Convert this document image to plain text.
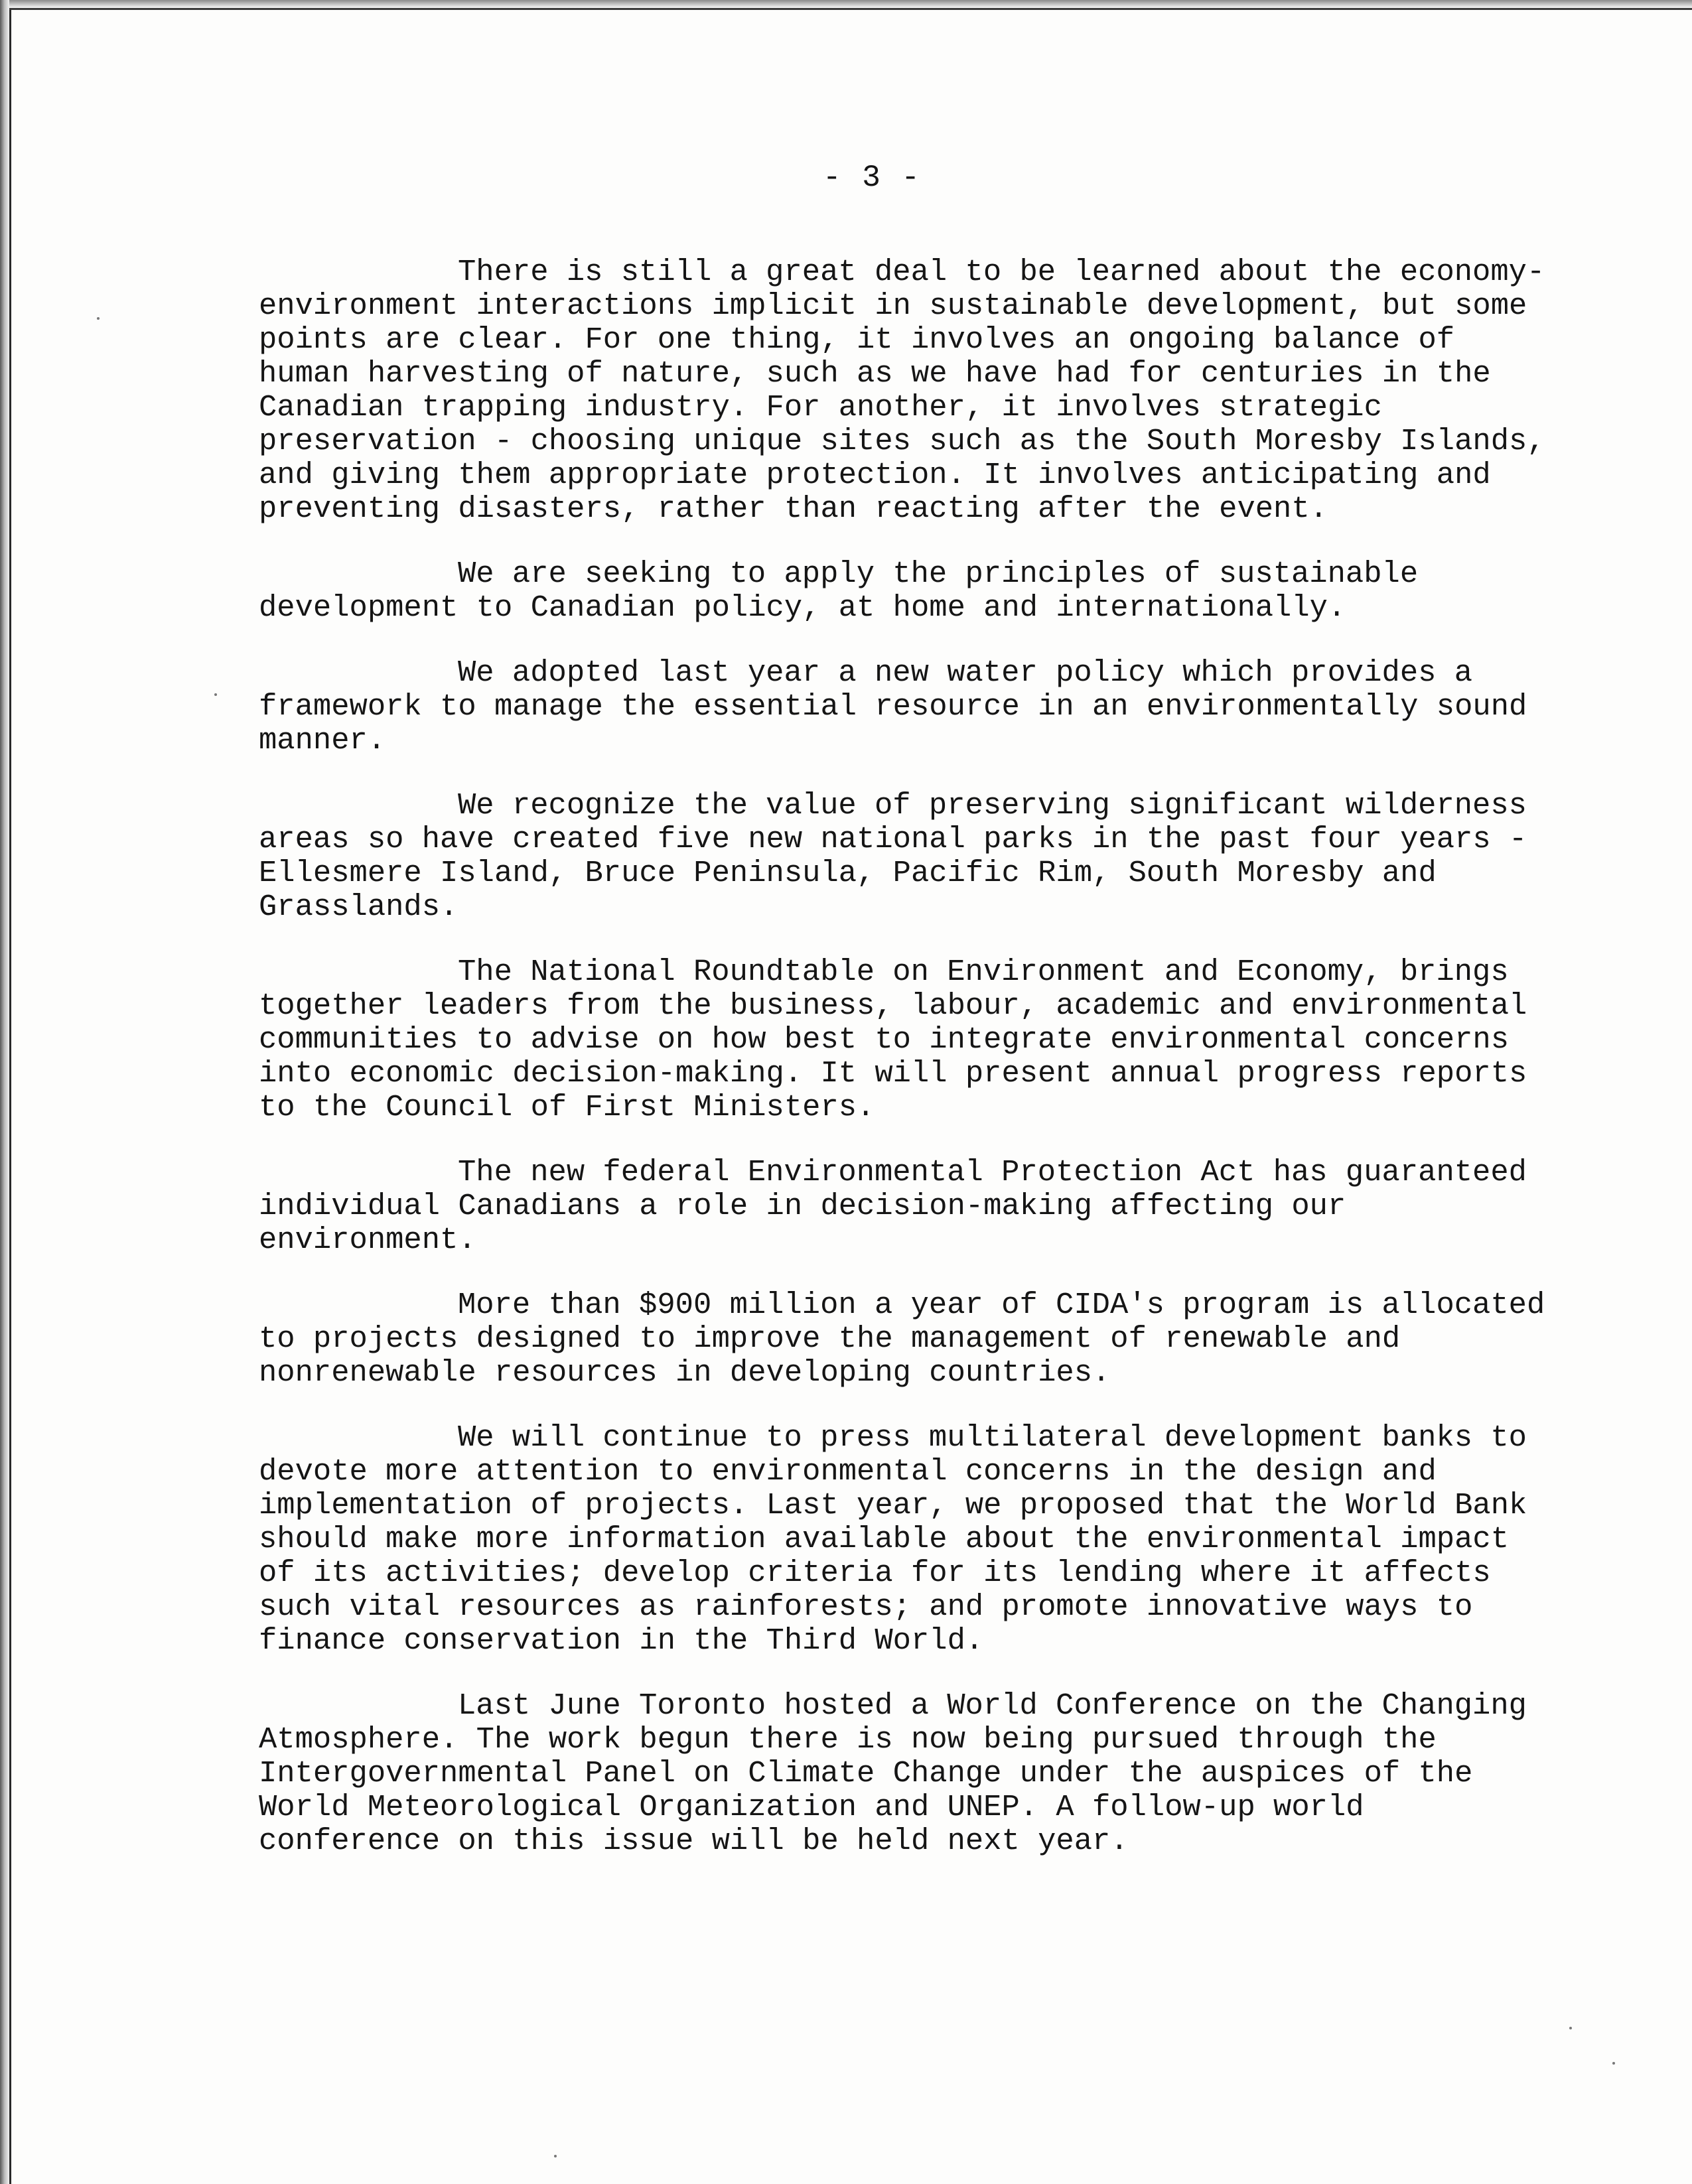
- 3 -

There is still a great deal to be learned about the economy-environment interactions implicit in sustainable development, but some points are clear. For one thing, it involves an ongoing balance of human harvesting of nature, such as we have had for centuries in the Canadian trapping industry. For another, it involves strategic preservation - choosing unique sites such as the South Moresby Islands, and giving them appropriate protection. It involves anticipating and preventing disasters, rather than reacting after the event.

We are seeking to apply the principles of sustainable development to Canadian policy, at home and internationally.

We adopted last year a new water policy which provides a framework to manage the essential resource in an environmentally sound manner.

We recognize the value of preserving significant wilderness areas so have created five new national parks in the past four years - Ellesmere Island, Bruce Peninsula, Pacific Rim, South Moresby and Grasslands.

The National Roundtable on Environment and Economy, brings together leaders from the business, labour, academic and environmental communities to advise on how best to integrate environmental concerns into economic decision-making. It will present annual progress reports to the Council of First Ministers.

The new federal Environmental Protection Act has guaranteed individual Canadians a role in decision-making affecting our environment.

More than $900 million a year of CIDA's program is allocated to projects designed to improve the management of renewable and nonrenewable resources in developing countries.

We will continue to press multilateral development banks to devote more attention to environmental concerns in the design and implementation of projects. Last year, we proposed that the World Bank should make more information available about the environmental impact of its activities; develop criteria for its lending where it affects such vital resources as rainforests; and promote innovative ways to finance conservation in the Third World.

Last June Toronto hosted a World Conference on the Changing Atmosphere. The work begun there is now being pursued through the Intergovernmental Panel on Climate Change under the auspices of the World Meteorological Organization and UNEP. A follow-up world conference on this issue will be held next year.
